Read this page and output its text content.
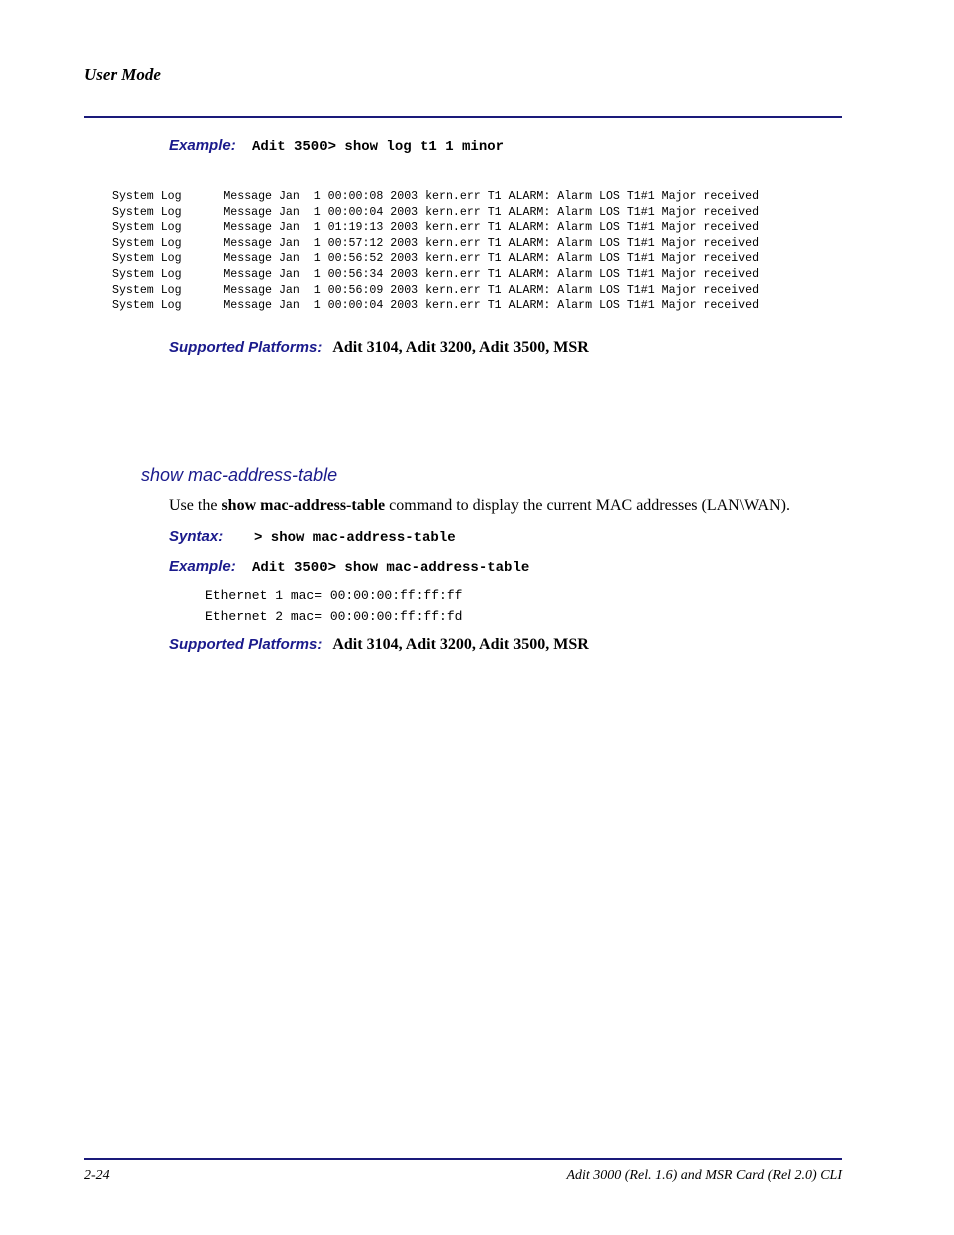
User Mode
Example: Adit 3500> show log t1 1 minor
System Log      Message Jan  1 00:00:08 2003 kern.err T1 ALARM: Alarm LOS T1#1 Major received
System Log      Message Jan  1 00:00:04 2003 kern.err T1 ALARM: Alarm LOS T1#1 Major received
System Log      Message Jan  1 01:19:13 2003 kern.err T1 ALARM: Alarm LOS T1#1 Major received
System Log      Message Jan  1 00:57:12 2003 kern.err T1 ALARM: Alarm LOS T1#1 Major received
System Log      Message Jan  1 00:56:52 2003 kern.err T1 ALARM: Alarm LOS T1#1 Major received
System Log      Message Jan  1 00:56:34 2003 kern.err T1 ALARM: Alarm LOS T1#1 Major received
System Log      Message Jan  1 00:56:09 2003 kern.err T1 ALARM: Alarm LOS T1#1 Major received
System Log      Message Jan  1 00:00:04 2003 kern.err T1 ALARM: Alarm LOS T1#1 Major received
Supported Platforms: Adit 3104, Adit 3200, Adit 3500, MSR
show mac-address-table
Use the show mac-address-table command to display the current MAC addresses (LAN\WAN).
Syntax: > show mac-address-table
Example: Adit 3500> show mac-address-table
Ethernet 1 mac= 00:00:00:ff:ff:ff
Ethernet 2 mac= 00:00:00:ff:ff:fd
Supported Platforms: Adit 3104, Adit 3200, Adit 3500, MSR
2-24	Adit 3000 (Rel. 1.6) and MSR Card (Rel 2.0) CLI
